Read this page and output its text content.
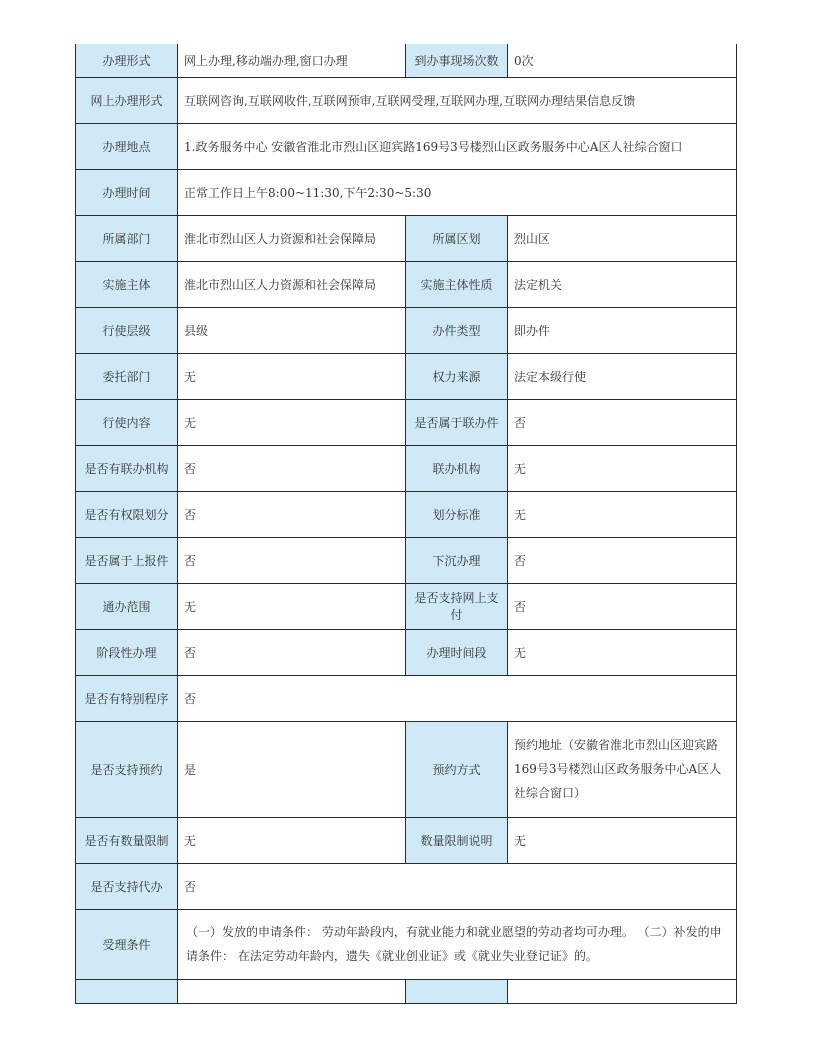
办理形式	网上办理,移动端办理,窗口办理	到办事现场次数	0次
网上办理形式	互联网咨询,互联网收件,互联网预审,互联网受理,互联网办理,互联网办理结果信息反馈		
办理地点	1.政务服务中心 安徽省淮北市烈山区迎宾路169号3号楼烈山区政务服务中心A区人社综合窗口		
办理时间	正常工作日上午8:00~11:30,下午2:30~5:30		
所属部门	淮北市烈山区人力资源和社会保障局	所属区划	烈山区
实施主体	淮北市烈山区人力资源和社会保障局	实施主体性质	法定机关
行使层级	县级	办件类型	即办件
委托部门	无	权力来源	法定本级行使
行使内容	无	是否属于联办件	否
是否有联办机构	否	联办机构	无
是否有权限划分	否	划分标准	无
是否属于上报件	否	下沉办理	否
通办范围	无	是否支持网上支付	否
阶段性办理	否	办理时间段	无
是否有特别程序	否		
是否支持预约	是	预约方式	预约地址（安徽省淮北市烈山区迎宾路169号3号楼烈山区政务服务中心A区人社综合窗口）
是否有数量限制	无	数量限制说明	无
是否支持代办	否		
受理条件	（一）发放的申请条件： 劳动年龄段内，有就业能力和就业愿望的劳动者均可办理。 （二）补发的申请条件： 在法定劳动年龄内，遗失《就业创业证》或《就业失业登记证》的。		
